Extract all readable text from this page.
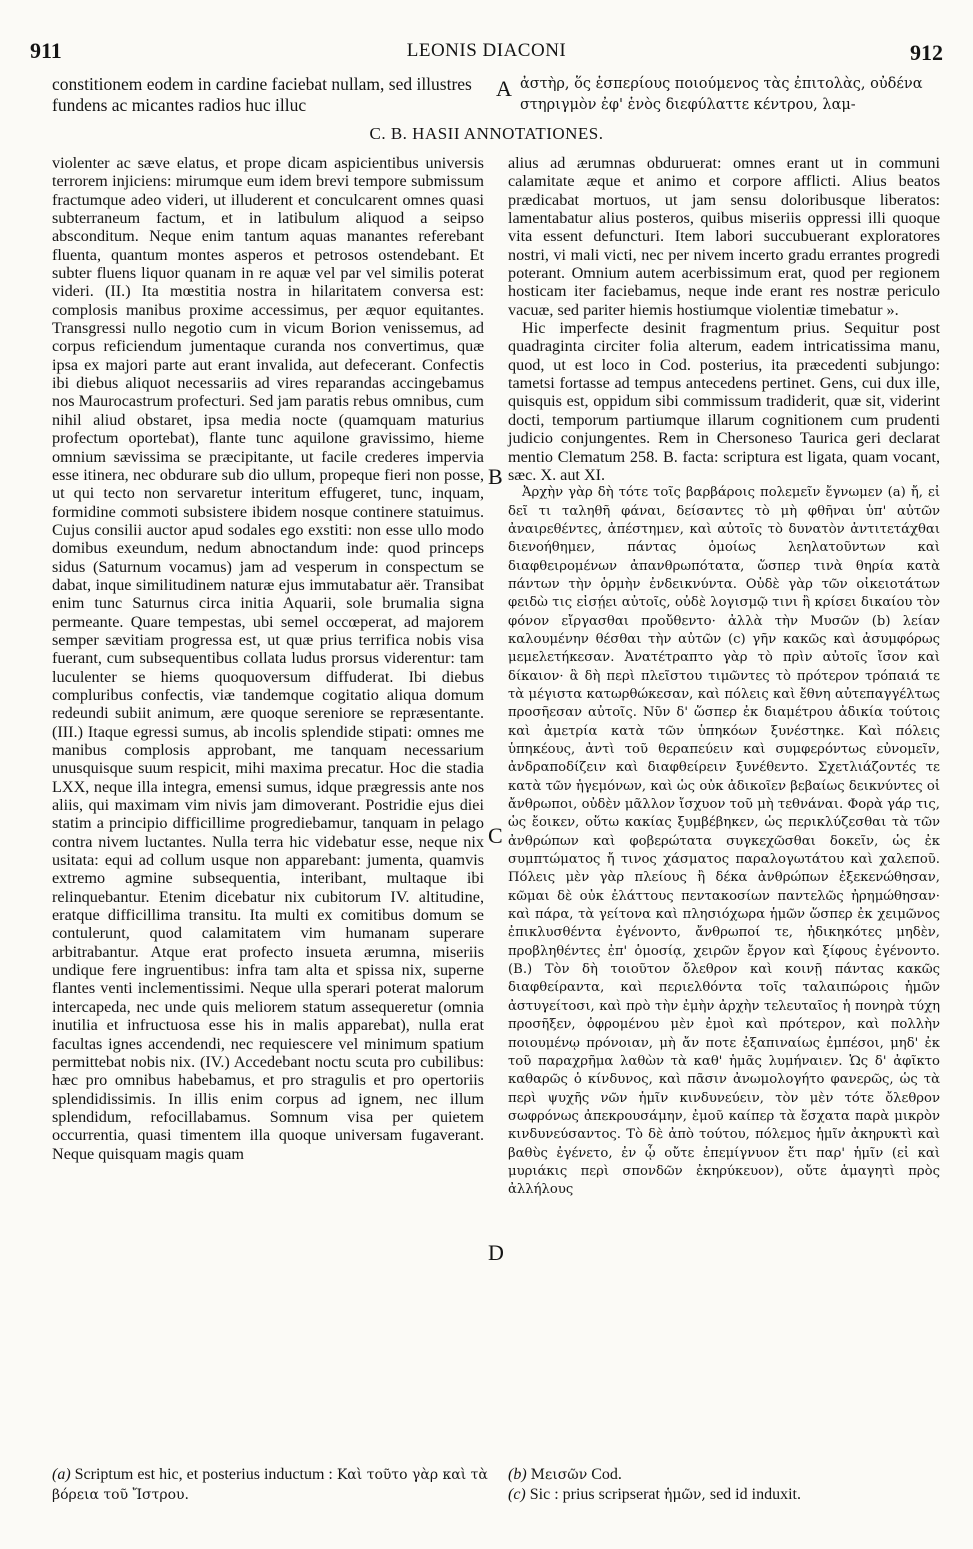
911	LEONIS DIACONI	912
constitionem eodem in cardine faciebat nullam, sed illustres fundens ac micantes radios huc illuc
A ἀστὴρ, ὅς ἑσπερίους ποιούμενος τὰς ἐπιτολὰς, οὐδένα στηριγμὸν ἐφ' ἑνὸς διεφύλαττε κέντρου, λαμ-
C. B. HASII ANNOTATIONES.

violenter ac sæve elatus, et prope dicam aspicientibus universis terrorem injiciens: mirumque eum idem brevi tempore submissum fractumque adeo videri, ut illuderent et conculcarent omnes quasi subterraneum factum, et in latibulum aliquod a seipso absconditum. Neque enim tantum aquas manantes referebant fluenta, quantum montes asperos et petrosos ostendebant. Et subter fluens liquor quanam in re aquæ vel par vel similis poterat videri. (II.) Ita mœstitia nostra in hilaritatem conversa est: complosis manibus proxime accessimus, per æquor equitantes. Transgressi nullo negotio cum in vicum Borion venissemus, ad corpus reficiendum jumentaque curanda nos convertimus, quæ ipsa ex majori parte aut erant invalida, aut defecerant. Confectis ibi diebus aliquot necessariis ad vires reparandas accingebamus nos Maurocastrum profecturi. Sed jam paratis rebus omnibus, cum nihil aliud obstaret, ipsa media nocte (quamquam maturius profectum oportebat), flante tunc aquilone gravissimo, hieme omnium sævissima se præcipitante, ut facile crederes impervia esse itinera, nec obdurare sub dio ullum, propeque fieri non posse, ut qui tecto non servaretur interitum effugeret, tunc, inquam, formidine commoti subsistere ibidem nosque continere statuimus. Cujus consilii auctor apud sodales ego exstiti: non esse ullo modo domibus exeundum, nedum abnoctandum inde: quod princeps sidus (Saturnum vocamus) jam ad vesperum in conspectum se dabat, inque similitudinem naturæ ejus immutabatur aër. Transibat enim tunc Saturnus circa initia Aquarii, sole brumalia signa permeante. Quare tempestas, ubi semel occœperat, ad majorem semper sævitiam progressa est, ut quæ prius terrifica nobis visa fuerant, cum subsequentibus collata ludus prorsus viderentur: tam luculenter se hiems quoquoversum diffuderat. Ibi diebus compluribus confectis, viæ tandemque cogitatio aliqua domum redeundi subiit animum, ære quoque sereniore se repræsentante. (III.) Itaque egressi sumus, ab incolis splendide stipati: omnes me manibus complosis approbant, me tanquam necessarium unusquisque suum respicit, mihi maxima precatur. Hoc die stadia LXX, neque illa integra, emensi sumus, idque prægressis ante nos aliis, qui maximam vim nivis jam dimoverant. Postridie ejus diei statim a principio difficillime progrediebamur, tanquam in pelago contra nivem luctantes. Nulla terra hic videbatur esse, neque nix usitata: equi ad collum usque non apparebant: jumenta, quamvis extremo agmine subsequentia, interibant, multaque ibi relinquebantur. Etenim dicebatur nix cubitorum IV. altitudine, eratque difficillima transitu. Ita multi ex comitibus domum se contulerunt, quod calamitatem vim humanam superare arbitrabantur. Atque erat profecto insueta ærumna, miseriis undique fere ingruentibus: infra tam alta et spissa nix, superne flantes venti inclementissimi. Neque ulla sperari poterat malorum intercapeda, nec unde quis meliorem statum assequeretur (omnia inutilia et infructuosa esse his in malis apparebat), nulla erat facultas ignes accendendi, nec requiescere vel minimum spatium permittebat nobis nix. (IV.) Accedebant noctu scuta pro cubilibus: hæc pro omnibus habebamus, et pro stragulis et pro opertoriis splendidissimis. In illis enim corpus ad ignem, nec illum splendidum, refocillabamus. Somnum visa per quietem occurrentia, quasi timentem illa quoque universam fugaverant. Neque quisquam magis quam

B
C
D

alius ad ærumnas obduruerat: omnes erant ut in communi calamitate æque et animo et corpore afflicti. Alius beatos prædicabat mortuos, ut jam sensu doloribusque liberatos: lamentabatur alius posteros, quibus miseriis oppressi illi quoque vita essent defuncturi. Item labori succubuerant exploratores nostri, vi mali victi, nec per nivem incerto gradu errantes progredi poterant. Omnium autem acerbissimum erat, quod per regionem hosticam iter faciebamus, neque inde erant res nostræ periculo vacuæ, sed pariter hiemis hostiumque violentiæ timebatur ».

Hic imperfecte desinit fragmentum prius. Sequitur post quadraginta circiter folia alterum, eadem intricatissima manu, quod, ut est loco in Cod. posterius, ita præcedenti subjungo: tametsi fortasse ad tempus antecedens pertinet. Gens, cui dux ille, quisquis est, oppidum sibi commissum tradiderit, quæ sit, viderint docti, temporum partiumque illarum cognitionem cum prudenti judicio conjungentes. Rem in Chersoneso Taurica geri declarat mentio Clematum 258. B. facta: scriptura est ligata, quam vocant, sæc. X. aut XI.

Ἀρχὴν γὰρ δὴ τότε τοῖς βαρβάροις πολεμεῖν ἔγνωμεν (a) ἤ, εἰ δεῖ τι ταληθῆ φάναι, δείσαντες τὸ μὴ φθῆναι ὑπ' αὐτῶν ἀναιρεθέντες, ἀπέστημεν, καὶ αὐτοῖς τὸ δυνατὸν ἀντιτετάχθαι διενοήθημεν, πάντας ὁμοίως λεηλατοῦντων καὶ διαφθειρομένων ἀπανθρωπότατα, ὥσπερ τινὰ θηρία κατὰ πάντων τὴν ὁρμὴν ἐνδεικνύντα. Οὐδὲ γὰρ τῶν οἰκειοτάτων φειδὼ τις εἰσῄει αὐτοῖς, οὐδὲ λογισμῷ τινι ἢ κρίσει δικαίου τὸν φόνον εἴργασθαι προὔθεντο· ἀλλὰ τὴν Μυσῶν (b) λείαν καλουμένην θέσθαι τὴν αὐτῶν (c) γῆν κακῶς καὶ ἀσυμφόρως μεμελετήκεσαν. Ἀνατέτραπτο γὰρ τὸ πρὶν αὐτοῖς ἴσον καὶ δίκαιον· ἃ δὴ περὶ πλεῖστου τιμῶντες τὸ πρότερον τρόπαιά τε τὰ μέγιστα κατωρθώκεσαν, καὶ πόλεις καὶ ἔθνη αὐτεπαγγέλτως προσῆεσαν αὐτοῖς. Νῦν δ' ὥσπερ ἐκ διαμέτρου ἀδικία τούτοις καὶ ἀμετρία κατὰ τῶν ὑπηκόων ξυνέστηκε. Καὶ πόλεις ὑπηκέους, ἀντὶ τοῦ θεραπεύειν καὶ συμφερόντως εὐνομεῖν, ἀνδραποδίζειν καὶ διαφθείρειν ξυνέθεντο. Σχετλιάζοντές τε κατὰ τῶν ἡγεμόνων, καὶ ὡς οὐκ ἀδικοῖεν βεβαίως δεικνύντες οἱ ἄνθρωποι, οὐδὲν μᾶλλον ἴσχυον τοῦ μὴ τεθνάναι. Φορὰ γάρ τις, ὡς ἔοικεν, οὕτω κακίας ξυμβέβηκεν, ὡς περικλύζεσθαι τὰ τῶν ἀνθρώπων καὶ φοβερώτατα συγκεχῶσθαι δοκεῖν, ὡς ἐκ συμπτώματος ἤ τινος χάσματος παραλογωτάτου καὶ χαλεποῦ. Πόλεις μὲν γὰρ πλείους ἢ δέκα ἀνθρώπων ἐξεκενώθησαν, κῶμαι δὲ οὐκ ἐλάττους πεντακοσίων παντελῶς ἠρημώθησαν· καὶ πάρα, τὰ γείτονα καὶ πλησιόχωρα ἡμῶν ὥσπερ ἐκ χειμῶνος ἐπικλυσθέντα ἐγένοντο, ἄνθρωποί τε, ἠδικηκότες μηδὲν, προβληθέντες ἐπ' ὁμοσίᾳ, χειρῶν ἔργον καὶ ξίφους ἐγένοντο. (B.) Τὸν δὴ τοιοῦτον ὄλεθρον καὶ κοινῇ πάντας κακῶς διαφθείραντα, καὶ περιελθόντα τοῖς ταλαιπώροις ἡμῶν ἀστυγείτοσι, καὶ πρὸ τὴν ἐμὴν ἀρχὴν τελευταῖος ἡ πονηρὰ τύχη προσῆξεν, ὀφρομένου μὲν ἐμοὶ καὶ πρότερον, καὶ πολλὴν ποιουμένῳ πρόνοιαν, μὴ ἄν ποτε ἐξαπιναίως ἐμπέσοι, μηδ' ἐκ τοῦ παραχρῆμα λαθὼν τὰ καθ' ἡμᾶς λυμήναιεν. Ὡς δ' ἀφῖκτο καθαρῶς ὁ κίνδυνος, καὶ πᾶσιν ἀνωμολογήτο φανερῶς, ὡς τὰ περὶ ψυχῆς νῶν ἡμῖν κινδυνεύειν, τὸν μὲν τότε ὄλεθρον σωφρόνως ἀπεκρουσάμην, ἐμοῦ καίπερ τὰ ἔσχατα παρὰ μικρὸν κινδυνεύσαντος. Τὸ δὲ ἀπὸ τούτου, πόλεμος ἡμῖν ἀκηρυκτὶ καὶ βαθὺς ἐγένετο, ἐν ᾧ οὔτε ἐπεμίγνυον ἔτι παρ' ἡμῖν (εἰ καὶ μυριάκις περὶ σπονδῶν ἐκηρύκευον), οὔτε ἁμαγητὶ πρὸς ἀλλήλους

(a) Scriptum est hic, et posterius inductum : Καὶ τοῦτο γὰρ καὶ τὰ βόρεια τοῦ Ἴστρου.
(b) Μεισῶν Cod.
(c) Sic : prius scripserat ἡμῶν, sed id induxit.
